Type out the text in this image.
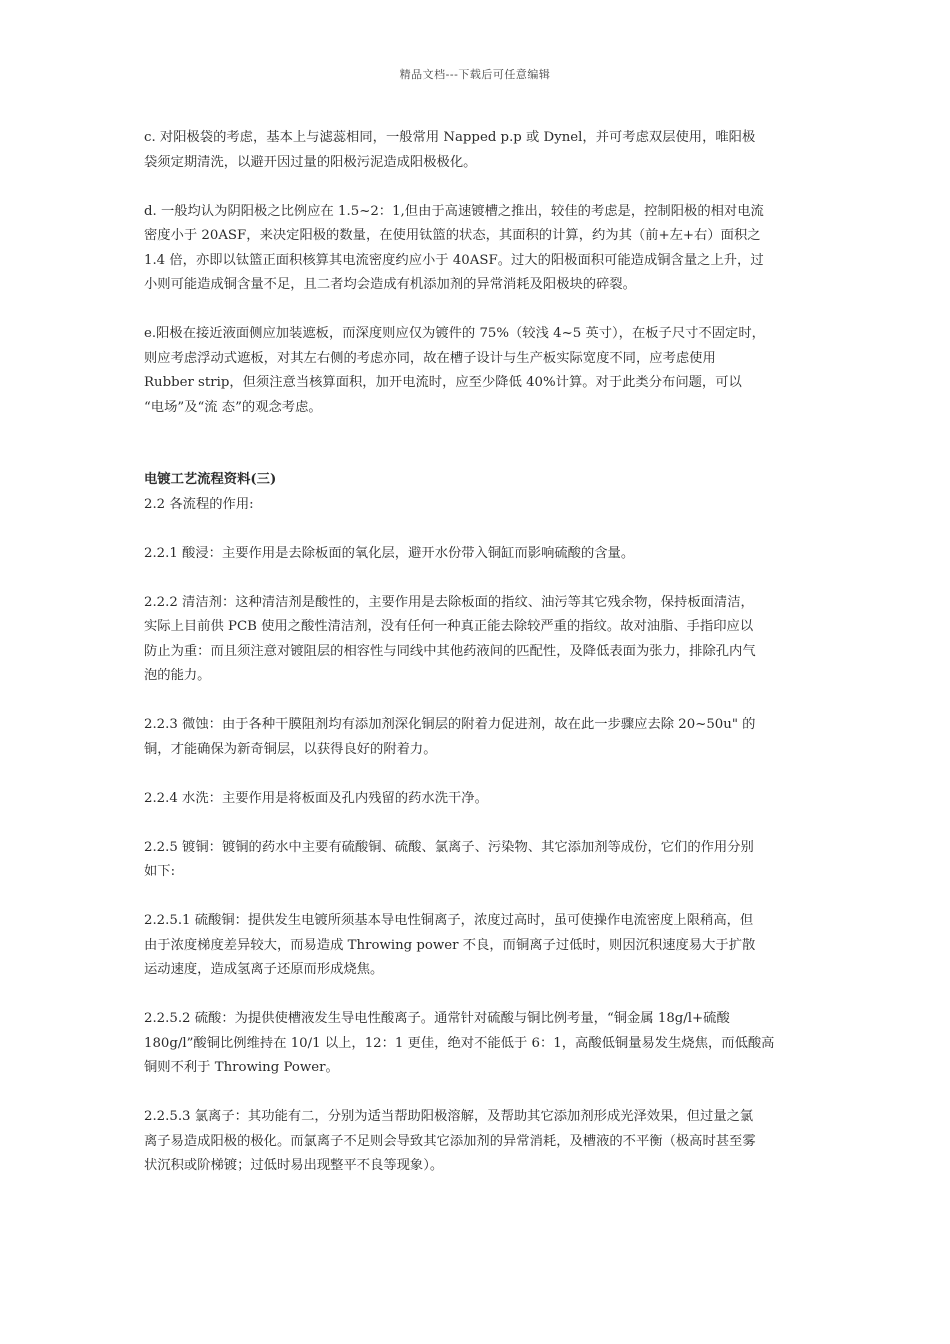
精品文档---下载后可任意编辑
c. 对阳极袋的考虑，基本上与滤蕊相同，一般常用 Napped p.p 或 Dynel，并可考虑双层使用，唯阳极
袋须定期清洗，以避开因过量的阳极污泥造成阳极极化。
d. 一般均认为阴阳极之比例应在 1.5~2：1,但由于高速镀槽之推出，较佳的考虑是，控制阳极的相对电流
密度小于 20ASF，来决定阳极的数量，在使用钛篮的状态，其面积的计算，约为其（前+左+右）面积之
1.4 倍，亦即以钛篮正面积核算其电流密度约应小于 40ASF。过大的阳极面积可能造成铜含量之上升，过
小则可能造成铜含量不足，且二者均会造成有机添加剂的异常消耗及阳极块的碎裂。
e.阳极在接近液面侧应加装遮板，而深度则应仅为镀件的 75%（较浅 4~5 英寸），在板子尺寸不固定时，
则应考虑浮动式遮板，对其左右侧的考虑亦同，故在槽子设计与生产板实际宽度不同，应考虑使用
Rubber strip，但须注意当核算面积，加开电流时，应至少降低 40%计算。对于此类分布问题，可以
“电场”及“流 态”的观念考虑。
电镀工艺流程资料(三)
2.2 各流程的作用:
2.2.1 酸浸：主要作用是去除板面的氧化层，避开水份带入铜缸而影响硫酸的含量。
2.2.2 清洁剂：这种清洁剂是酸性的，主要作用是去除板面的指纹、油污等其它残余物，保持板面清洁，
实际上目前供 PCB 使用之酸性清洁剂，没有任何一种真正能去除较严重的指纹。故对油脂、手指印应以
防止为重：而且须注意对镀阻层的相容性与同线中其他药液间的匹配性，及降低表面为张力，排除孔内气
泡的能力。
2.2.3 微蚀：由于各种干膜阻剂均有添加剂深化铜层的附着力促进剂，故在此一步骤应去除 20~50u" 的
铜，才能确保为新奇铜层，以获得良好的附着力。
2.2.4 水洗：主要作用是将板面及孔内残留的药水洗干净。
2.2.5 镀铜：镀铜的药水中主要有硫酸铜、硫酸、氯离子、污染物、其它添加剂等成份，它们的作用分别
如下:
2.2.5.1 硫酸铜：提供发生电镀所须基本导电性铜离子，浓度过高时，虽可使操作电流密度上限稍高，但
由于浓度梯度差异较大，而易造成 Throwing power 不良，而铜离子过低时，则因沉积速度易大于扩散
运动速度，造成氢离子还原而形成烧焦。
2.2.5.2 硫酸：为提供使槽液发生导电性酸离子。通常针对硫酸与铜比例考量，“铜金属 18g/l+硫酸
180g/l”酸铜比例维持在 10/1 以上，12：1 更佳，绝对不能低于 6：1，高酸低铜量易发生烧焦，而低酸高
铜则不利于 Throwing Power。
2.2.5.3 氯离子：其功能有二，分别为适当帮助阳极溶解，及帮助其它添加剂形成光泽效果，但过量之氯
离子易造成阳极的极化。而氯离子不足则会导致其它添加剂的异常消耗，及槽液的不平衡（极高时甚至雾
状沉积或阶梯镀；过低时易出现整平不良等现象）。
